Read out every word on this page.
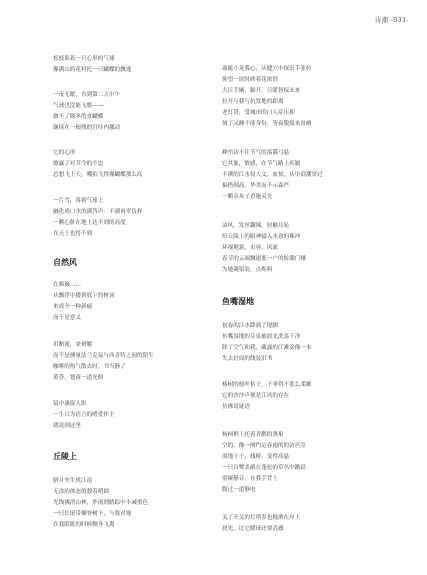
诗潮 -031-
松枝系着一只心形的气球
像满山的花衬托一只蝴蝶的飘逸
一夜无眠，直到第二天中午
气球也没能飞脱——
做不了隆冬的直蝴蝶
继续在一根残的宫径内挪动
它的心形
擦露了对节令的不忠
总想飞上天，嘲拍飞得像蝴蝶那么高
一片雪，落到气球上
融化成口水的满答声：不湖再辜负样
一颗心脏在地上达不到的高度
在天上也得不到
自然风
在颠簸……
从飘浮中搂到底下的树词
来成全一种新痛
而不是意义
用断流，来辩解
而不是测量法兰克福与西青特之间的陌生
咖啡的热气散去时，书当静了
黄昏，划落一道光照
镜中蛊捉人影
一生只为语言的嗜爱作主
就说到这里
丘陵上
腊月坐生成江南
无涂的体态般数着哨圆
光线拂消山林，外流到踏踪中不减重色
一只长尾带捆脊树下，与我对视
在我眼眶的时候侧身飞离
蛊蜓小龙我心，从缝穴中探出手张拉
仰望一块时碑着花浓情
大江手辆，脚开，日暖智保未来
拉开与我与抗发地的距离
老灯塔，受城市的口人症压抑
域了又睡不能身份，等夜脱船来贫瘠
峰峦访不住节气的荡霭弓悬
它其象，敏感，在节气路上疾履
丰满的江水侵大义，血惊，从中浪潮穿过
搞搭制高，华美而不示森严
一颗杂灰子香施灵光
凉风，发丝翻辣，轻触耳轮
给丘陵上的眼神输入水意的珠冲
环视地貌、市容、风流
春节的云端飘逝那一户的转潮门楼
为她凝银装，点烁料
鱼嘴湿地
初春的江水降到了堤脚
鱼嘴湿地的芬泉被晨光洗荡干净
除了空气和我，藏露的江滩涂像一本
失去封面的线装旧书
榛树的枝叶枯干，下垂得不那么柔顺
它的沙沙声便是江风的存在
仿佛说谜语
杨柯梢上托着青鹳的黑巢
空的，像一阕约定春雨的的访宫室
湿地干干，栈桥，变得高悬
一只白鹭盖鹬在蓬松的草丛中跳跃
别碰静音，在我手背上
腹过一道静电
关了开关的灯塔多也抛洒在岸上
晨光，比它暖球还要清澈
